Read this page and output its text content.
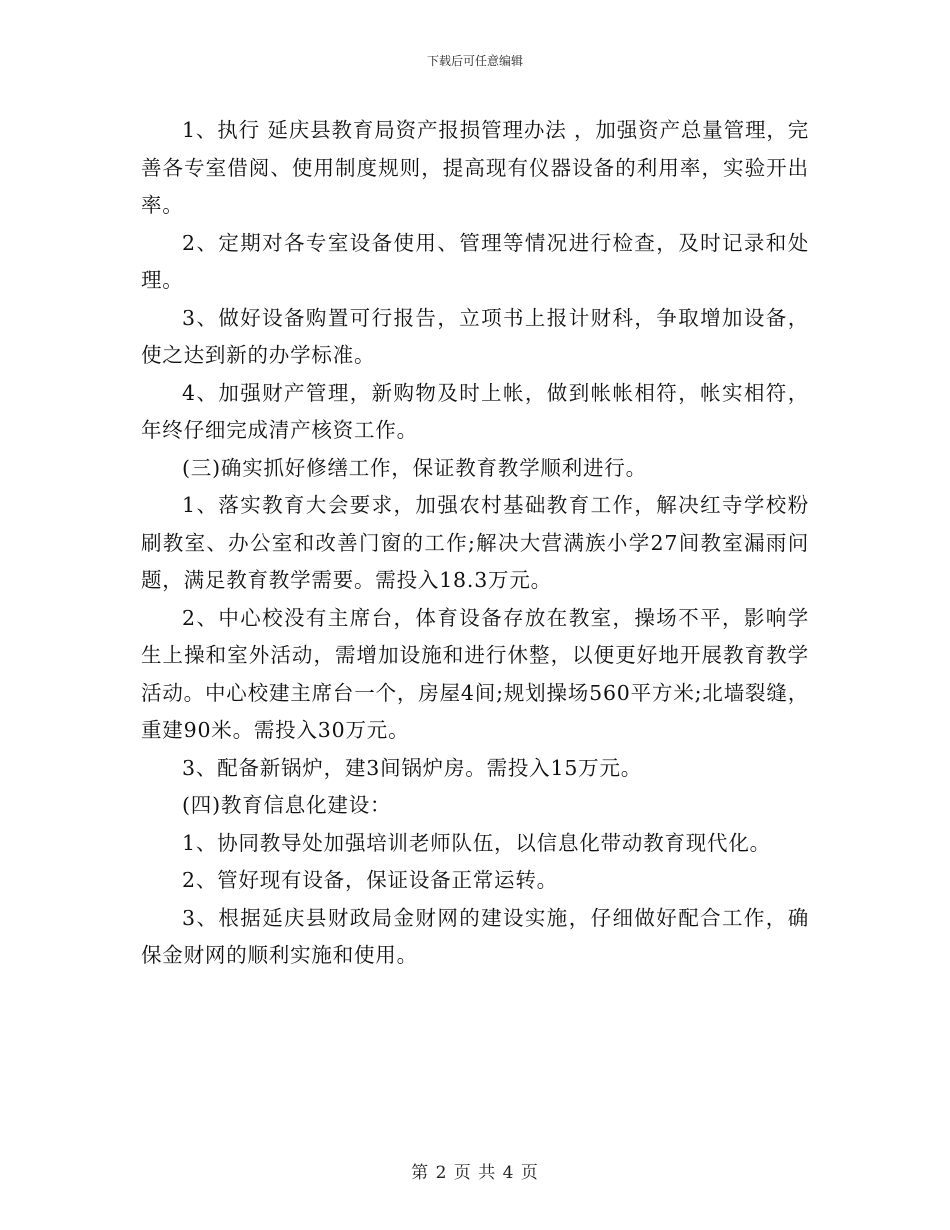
下载后可任意编辑

1、执行 延庆县教育局资产报损管理办法 ，加强资产总量管理，完善各专室借阅、使用制度规则，提高现有仪器设备的利用率，实验开出率。

2、定期对各专室设备使用、管理等情况进行检查，及时记录和处理。

3、做好设备购置可行报告，立项书上报计财科，争取增加设备，使之达到新的办学标准。

4、加强财产管理，新购物及时上帐，做到帐帐相符，帐实相符，年终仔细完成清产核资工作。

(三)确实抓好修缮工作，保证教育教学顺利进行。

1、落实教育大会要求，加强农村基础教育工作，解决红寺学校粉刷教室、办公室和改善门窗的工作;解决大营满族小学27间教室漏雨问题，满足教育教学需要。需投入18.3万元。

2、中心校没有主席台，体育设备存放在教室，操场不平，影响学生上操和室外活动，需增加设施和进行休整，以便更好地开展教育教学活动。中心校建主席台一个，房屋4间;规划操场560平方米;北墙裂缝，重建90米。需投入30万元。

3、配备新锅炉，建3间锅炉房。需投入15万元。

(四)教育信息化建设：

1、协同教导处加强培训老师队伍，以信息化带动教育现代化。

2、管好现有设备，保证设备正常运转。

3、根据延庆县财政局金财网的建设实施，仔细做好配合工作，确保金财网的顺利实施和使用。

第 2 页 共 4 页
